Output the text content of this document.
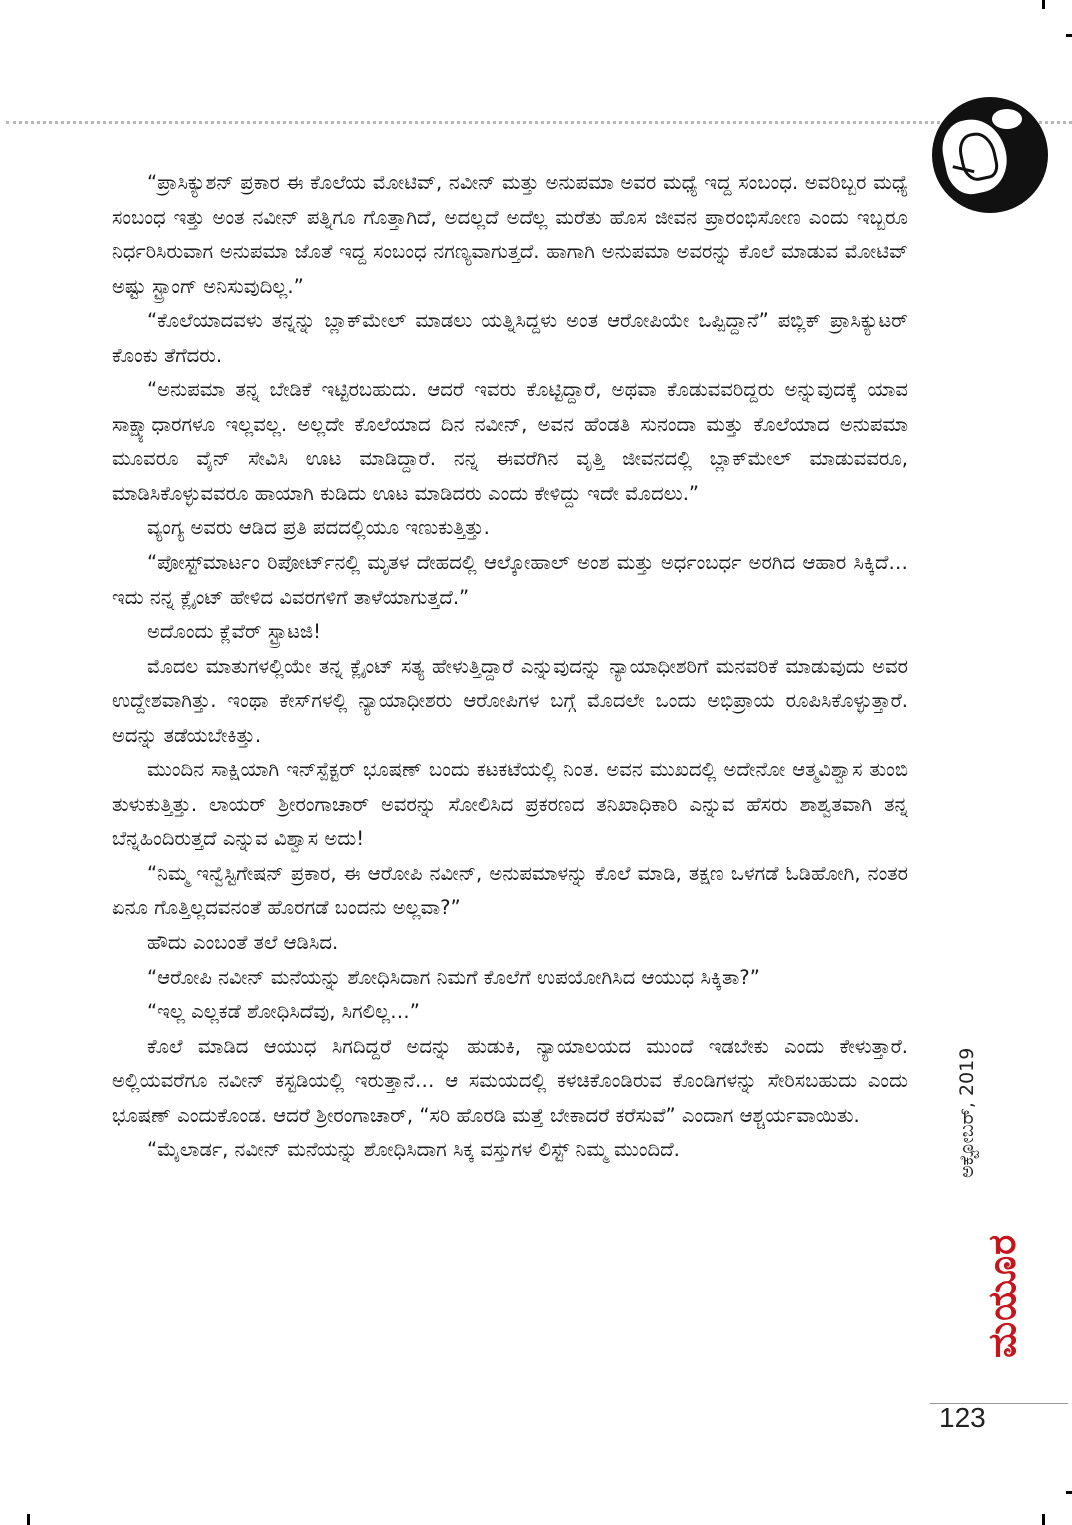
“ಪ್ರಾಸಿಕ್ಯುಶನ್ ಪ್ರಕಾರ ಈ ಕೊಲೆಯ ಮೋಟಿವ್, ನವೀನ್ ಮತ್ತು ಅನುಪಮಾ ಅವರ ಮಧ್ಯೆ ಇದ್ದ ಸಂಬಂಧ. ಅವರಿಬ್ಬರ ಮಧ್ಯೆ ಸಂಬಂಧ ಇತ್ತು ಅಂತ ನವೀನ್ ಪತ್ನಿಗೂ ಗೊತ್ತಾಗಿದೆ, ಅದಲ್ಲದೆ ಅದೆಲ್ಲ ಮರೆತು ಹೊಸ ಜೀವನ ಪ್ರಾರಂಭಿಸೋಣ ಎಂದು ಇಬ್ಬರೂ ನಿರ್ಧರಿಸಿರುವಾಗ ಅನುಪಮಾ ಜೊತೆ ಇದ್ದ ಸಂಬಂಧ ನಗಣ್ಯವಾಗುತ್ತದೆ. ಹಾಗಾಗಿ ಅನುಪಮಾ ಅವರನ್ನು ಕೊಲೆ ಮಾಡುವ ಮೋಟಿವ್ ಅಷ್ಟು ಸ್ಟ್ರಾಂಗ್ ಅನಿಸುವುದಿಲ್ಲ.”

“ಕೊಲೆಯಾದವಳು ತನ್ನನ್ನು ಬ್ಲಾಕ್‌ಮೇಲ್ ಮಾಡಲು ಯತ್ನಿಸಿದ್ದಳು ಅಂತ ಆರೋಪಿಯೇ ಒಪ್ಪಿದ್ದಾನೆ” ಪಬ್ಲಿಕ್ ಪ್ರಾಸಿಕ್ಯುಟರ್ ಕೊಂಕು ತೆಗೆದರು.

“ಅನುಪಮಾ ತನ್ನ ಬೇಡಿಕೆ ಇಟ್ಟಿರಬಹುದು. ಆದರೆ ಇವರು ಕೊಟ್ಟಿದ್ದಾರೆ, ಅಥವಾ ಕೊಡುವವರಿದ್ದರು ಅನ್ನುವುದಕ್ಕೆ ಯಾವ ಸಾಕ್ಷ್ಯಾಧಾರಗಳೂ ಇಲ್ಲವಲ್ಲ. ಅಲ್ಲದೇ ಕೊಲೆಯಾದ ದಿನ ನವೀನ್, ಅವನ ಹೆಂಡತಿ ಸುನಂದಾ ಮತ್ತು ಕೊಲೆಯಾದ ಅನುಪಮಾ ಮೂವರೂ ವೈನ್ ಸೇವಿಸಿ ಊಟ ಮಾಡಿದ್ದಾರೆ. ನನ್ನ ಈವರೆಗಿನ ವೃತ್ತಿ ಜೀವನದಲ್ಲಿ ಬ್ಲಾಕ್‌ಮೇಲ್ ಮಾಡುವವರೂ, ಮಾಡಿಸಿಕೊಳ್ಳುವವರೂ ಹಾಯಾಗಿ ಕುಡಿದು ಊಟ ಮಾಡಿದರು ಎಂದು ಕೇಳಿದ್ದು ಇದೇ ಮೊದಲು.”

ವ್ಯಂಗ್ಯ ಅವರು ಆಡಿದ ಪ್ರತಿ ಪದದಲ್ಲಿಯೂ ಇಣುಕುತ್ತಿತ್ತು.

“ಪೋಸ್ಟ್‌ಮಾರ್ಟಂ ರಿಪೋರ್ಟ್‌ನಲ್ಲಿ ಮೃತಳ ದೇಹದಲ್ಲಿ ಆಲ್ಕೋಹಾಲ್ ಅಂಶ ಮತ್ತು ಅರ್ಧಂಬರ್ಧ ಅರಗಿದ ಆಹಾರ ಸಿಕ್ಕಿದೆ… ಇದು ನನ್ನ ಕ್ಲೈಂಟ್ ಹೇಳಿದ ವಿವರಗಳಿಗೆ ತಾಳೆಯಾಗುತ್ತದೆ.”

ಅದೊಂದು ಕ್ಲೆವೆರ್ ಸ್ಟ್ರಾಟಜಿ!

ಮೊದಲ ಮಾತುಗಳಲ್ಲಿಯೇ ತನ್ನ ಕ್ಲೈಂಟ್ ಸತ್ಯ ಹೇಳುತ್ತಿದ್ದಾರೆ ಎನ್ನುವುದನ್ನು ನ್ಯಾಯಾಧೀಶರಿಗೆ ಮನವರಿಕೆ ಮಾಡುವುದು ಅವರ ಉದ್ದೇಶವಾಗಿತ್ತು. ಇಂಥಾ ಕೇಸ್‌ಗಳಲ್ಲಿ ನ್ಯಾಯಾಧೀಶರು ಆರೋಪಿಗಳ ಬಗ್ಗೆ ಮೊದಲೇ ಒಂದು ಅಭಿಪ್ರಾಯ ರೂಪಿಸಿಕೊಳ್ಳುತ್ತಾರೆ. ಅದನ್ನು ತಡೆಯಬೇಕಿತ್ತು.

ಮುಂದಿನ ಸಾಕ್ಷಿಯಾಗಿ ಇನ್‌ಸ್ಪೆಕ್ಟರ್ ಭೂಷಣ್ ಬಂದು ಕಟಕಟೆಯಲ್ಲಿ ನಿಂತ. ಅವನ ಮುಖದಲ್ಲಿ ಅದೇನೋ ಆತ್ಮವಿಶ್ವಾಸ ತುಂಬಿ ತುಳುಕುತ್ತಿತ್ತು. ಲಾಯರ್ ಶ್ರೀರಂಗಾಚಾರ್ ಅವರನ್ನು ಸೋಲಿಸಿದ ಪ್ರಕರಣದ ತನಿಖಾಧಿಕಾರಿ ಎನ್ನುವ ಹೆಸರು ಶಾಶ್ವತವಾಗಿ ತನ್ನ ಬೆನ್ನಹಿಂದಿರುತ್ತದೆ ಎನ್ನುವ ವಿಶ್ವಾಸ ಅದು!

“ನಿಮ್ಮ ಇನ್ವೆಸ್ಟಿಗೇಷನ್ ಪ್ರಕಾರ, ಈ ಆರೋಪಿ ನವೀನ್, ಅನುಪಮಾಳನ್ನು ಕೊಲೆ ಮಾಡಿ, ತಕ್ಷಣ ಒಳಗಡೆ ಓಡಿಹೋಗಿ, ನಂತರ ಏನೂ ಗೊತ್ತಿಲ್ಲದವನಂತೆ ಹೊರಗಡೆ ಬಂದನು ಅಲ್ಲವಾ?”

ಹೌದು ಎಂಬಂತೆ ತಲೆ ಆಡಿಸಿದ.

“ಆರೋಪಿ ನವೀನ್ ಮನೆಯನ್ನು ಶೋಧಿಸಿದಾಗ ನಿಮಗೆ ಕೊಲೆಗೆ ಉಪಯೋಗಿಸಿದ ಆಯುಧ ಸಿಕ್ಕಿತಾ?”

“ಇಲ್ಲ ಎಲ್ಲಕಡೆ ಶೋಧಿಸಿದೆವು, ಸಿಗಲಿಲ್ಲ…”

ಕೊಲೆ ಮಾಡಿದ ಆಯುಧ ಸಿಗದಿದ್ದರೆ ಅದನ್ನು ಹುಡುಕಿ, ನ್ಯಾಯಾಲಯದ ಮುಂದೆ ಇಡಬೇಕು ಎಂದು ಕೇಳುತ್ತಾರೆ. ಅಲ್ಲಿಯವರೆಗೂ ನವೀನ್ ಕಸ್ಟಡಿಯಲ್ಲಿ ಇರುತ್ತಾನೆ… ಆ ಸಮಯದಲ್ಲಿ ಕಳಚಿಕೊಂಡಿರುವ ಕೊಂಡಿಗಳನ್ನು ಸೇರಿಸಬಹುದು ಎಂದು ಭೂಷಣ್ ಎಂದುಕೊಂಡ. ಆದರೆ ಶ್ರೀರಂಗಾಚಾರ್, “ಸರಿ ಹೊರಡಿ ಮತ್ತೆ ಬೇಕಾದರೆ ಕರೆಸುವೆ” ಎಂದಾಗ ಆಶ್ಚರ್ಯವಾಯಿತು.

“ಮೈಲಾರ್ಡ, ನವೀನ್ ಮನೆಯನ್ನು ಶೋಧಿಸಿದಾಗ ಸಿಕ್ಕ ವಸ್ತುಗಳ ಲಿಸ್ಟ್ ನಿಮ್ಮ ಮುಂದಿದೆ.	ಅಕ್ಟೋಬರ್, 2019
ಮಯೂರ
123
